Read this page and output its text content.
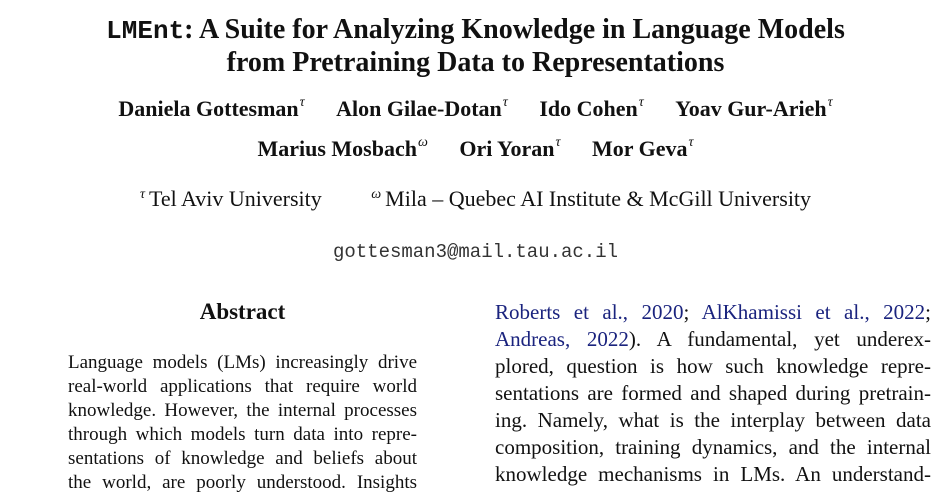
LMEnt: A Suite for Analyzing Knowledge in Language Models
from Pretraining Data to Representations
Daniela Gottesman$^\tau$ Alon Gilae-Dotan$^\tau$ Ido Cohen$^\tau$ Yoav Gur-Arieh$^\tau$
Marius Mosbach$^\omega$ Ori Yoran$^\tau$ Mor Geva$^\tau$
$^\tau$ Tel Aviv University	$^\omega$ Mila – Quebec AI Institute & McGill University
gottesman3@mail.tau.ac.il
Abstract
Language models (LMs) increasingly drive
real-world applications that require world
knowledge. However, the internal processes
through which models turn data into repre-
sentations of knowledge and beliefs about
the world, are poorly understood. Insights
Roberts et al., 2020; AlKhamissi et al., 2022;
Andreas, 2022). A fundamental, yet underex-
plored, question is how such knowledge repre-
sentations are formed and shaped during pretrain-
ing. Namely, what is the interplay between data
composition, training dynamics, and the internal
knowledge mechanisms in LMs. An understand-
